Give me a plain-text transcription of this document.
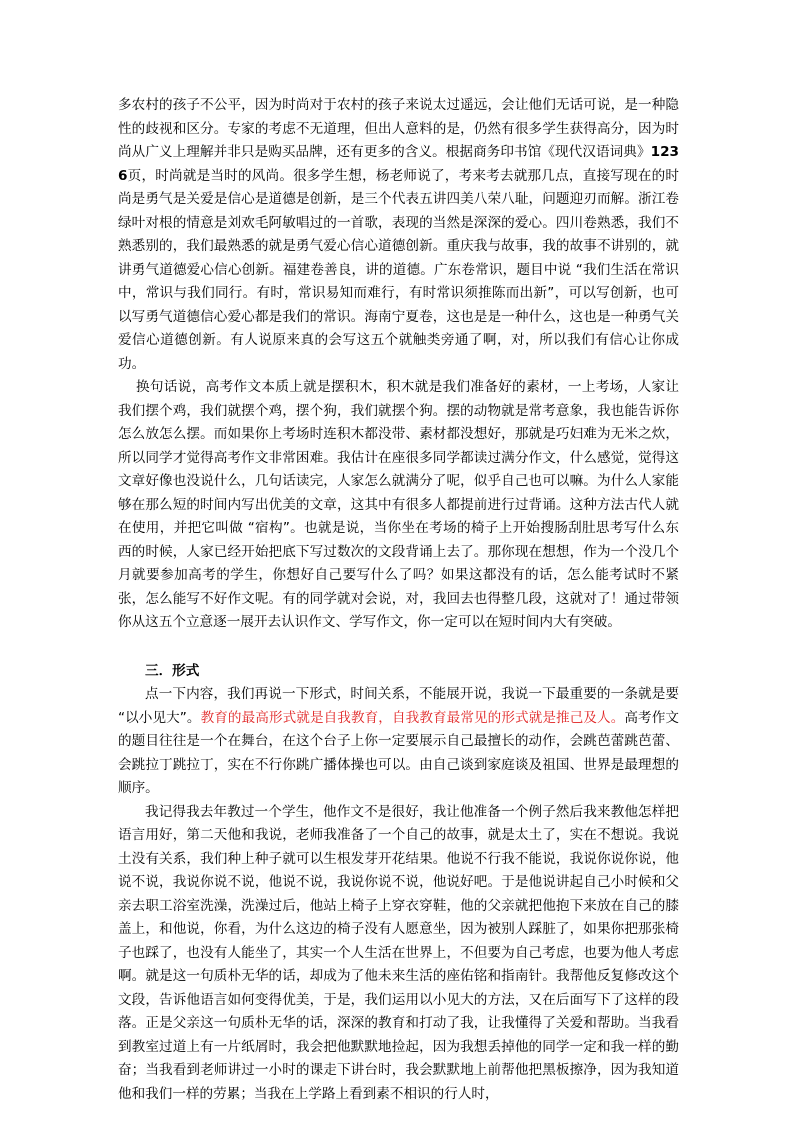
多农村的孩子不公平，因为时尚对于农村的孩子来说太过遥远，会让他们无话可说，是一种隐性的歧视和区分。专家的考虑不无道理，但出人意料的是，仍然有很多学生获得高分，因为时尚从广义上理解并非只是购买品牌，还有更多的含义。根据商务印书馆《现代汉语词典》1236页，时尚就是当时的风尚。很多学生想，杨老师说了，考来考去就那几点，直接写现在的时尚是勇气是关爱是信心是道德是创新，是三个代表五讲四美八荣八耻，问题迎刃而解。浙江卷绿叶对根的情意是刘欢毛阿敏唱过的一首歌，表现的当然是深深的爱心。四川卷熟悉，我们不熟悉别的，我们最熟悉的就是勇气爱心信心道德创新。重庆我与故事，我的故事不讲别的，就讲勇气道德爱心信心创新。福建卷善良，讲的道德。广东卷常识，题目中说 “我们生活在常识中，常识与我们同行。有时，常识易知而难行，有时常识须推陈而出新”，可以写创新，也可以写勇气道德信心爱心都是我们的常识。海南宁夏卷，这也是是一种什么，这也是一种勇气关爱信心道德创新。有人说原来真的会写这五个就触类旁通了啊，对，所以我们有信心让你成功。

换句话说，高考作文本质上就是摆积木，积木就是我们准备好的素材，一上考场，人家让我们摆个鸡，我们就摆个鸡，摆个狗，我们就摆个狗。摆的动物就是常考意象，我也能告诉你怎么放怎么摆。而如果你上考场时连积木都没带、素材都没想好，那就是巧妇难为无米之炊，所以同学才觉得高考作文非常困难。我估计在座很多同学都读过满分作文，什么感觉，觉得这文章好像也没说什么，几句话读完，人家怎么就满分了呢，似乎自己也可以嘛。为什么人家能够在那么短的时间内写出优美的文章，这其中有很多人都提前进行过背诵。这种方法古代人就在使用，并把它叫做 “宿构”。也就是说，当你坐在考场的椅子上开始搜肠刮肚思考写什么东西的时候，人家已经开始把底下写过数次的文段背诵上去了。那你现在想想，作为一个没几个月就要参加高考的学生，你想好自己要写什么了吗？如果这都没有的话，怎么能考试时不紧张，怎么能写不好作文呢。有的同学就对会说，对，我回去也得整几段，这就对了！通过带领你从这五个立意逐一展开去认识作文、学写作文，你一定可以在短时间内大有突破。

三．形式

点一下内容，我们再说一下形式，时间关系，不能展开说，我说一下最重要的一条就是要 “以小见大”。教育的最高形式就是自我教育，自我教育最常见的形式就是推己及人。高考作文的题目往往是一个在舞台，在这个台子上你一定要展示自己最擅长的动作，会跳芭蕾跳芭蕾、会跳拉丁跳拉丁，实在不行你跳广播体操也可以。由自己谈到家庭谈及祖国、世界是最理想的顺序。

我记得我去年教过一个学生，他作文不是很好，我让他准备一个例子然后我来教他怎样把语言用好，第二天他和我说，老师我准备了一个自己的故事，就是太土了，实在不想说。我说土没有关系，我们种上种子就可以生根发芽开花结果。他说不行我不能说，我说你说你说，他说不说，我说你说不说，他说不说，我说你说不说，他说好吧。于是他说讲起自己小时候和父亲去职工浴室洗澡，洗澡过后，他站上椅子上穿衣穿鞋，他的父亲就把他抱下来放在自己的膝盖上，和他说，你看，为什么这边的椅子没有人愿意坐，因为被别人踩脏了，如果你把那张椅子也踩了，也没有人能坐了，其实一个人生活在世界上，不但要为自己考虑，也要为他人考虑啊。就是这一句质朴无华的话，却成为了他未来生活的座佑铭和指南针。我帮他反复修改这个文段，告诉他语言如何变得优美，于是，我们运用以小见大的方法，又在后面写下了这样的段落。正是父亲这一句质朴无华的话，深深的教育和打动了我，让我懂得了关爱和帮助。当我看到教室过道上有一片纸屑时，我会把他默默地捡起，因为我想丢掉他的同学一定和我一样的勤奋；当我看到老师讲过一小时的课走下讲台时，我会默默地上前帮他把黑板擦净，因为我知道他和我们一样的劳累；当我在上学路上看到素不相识的行人时，
